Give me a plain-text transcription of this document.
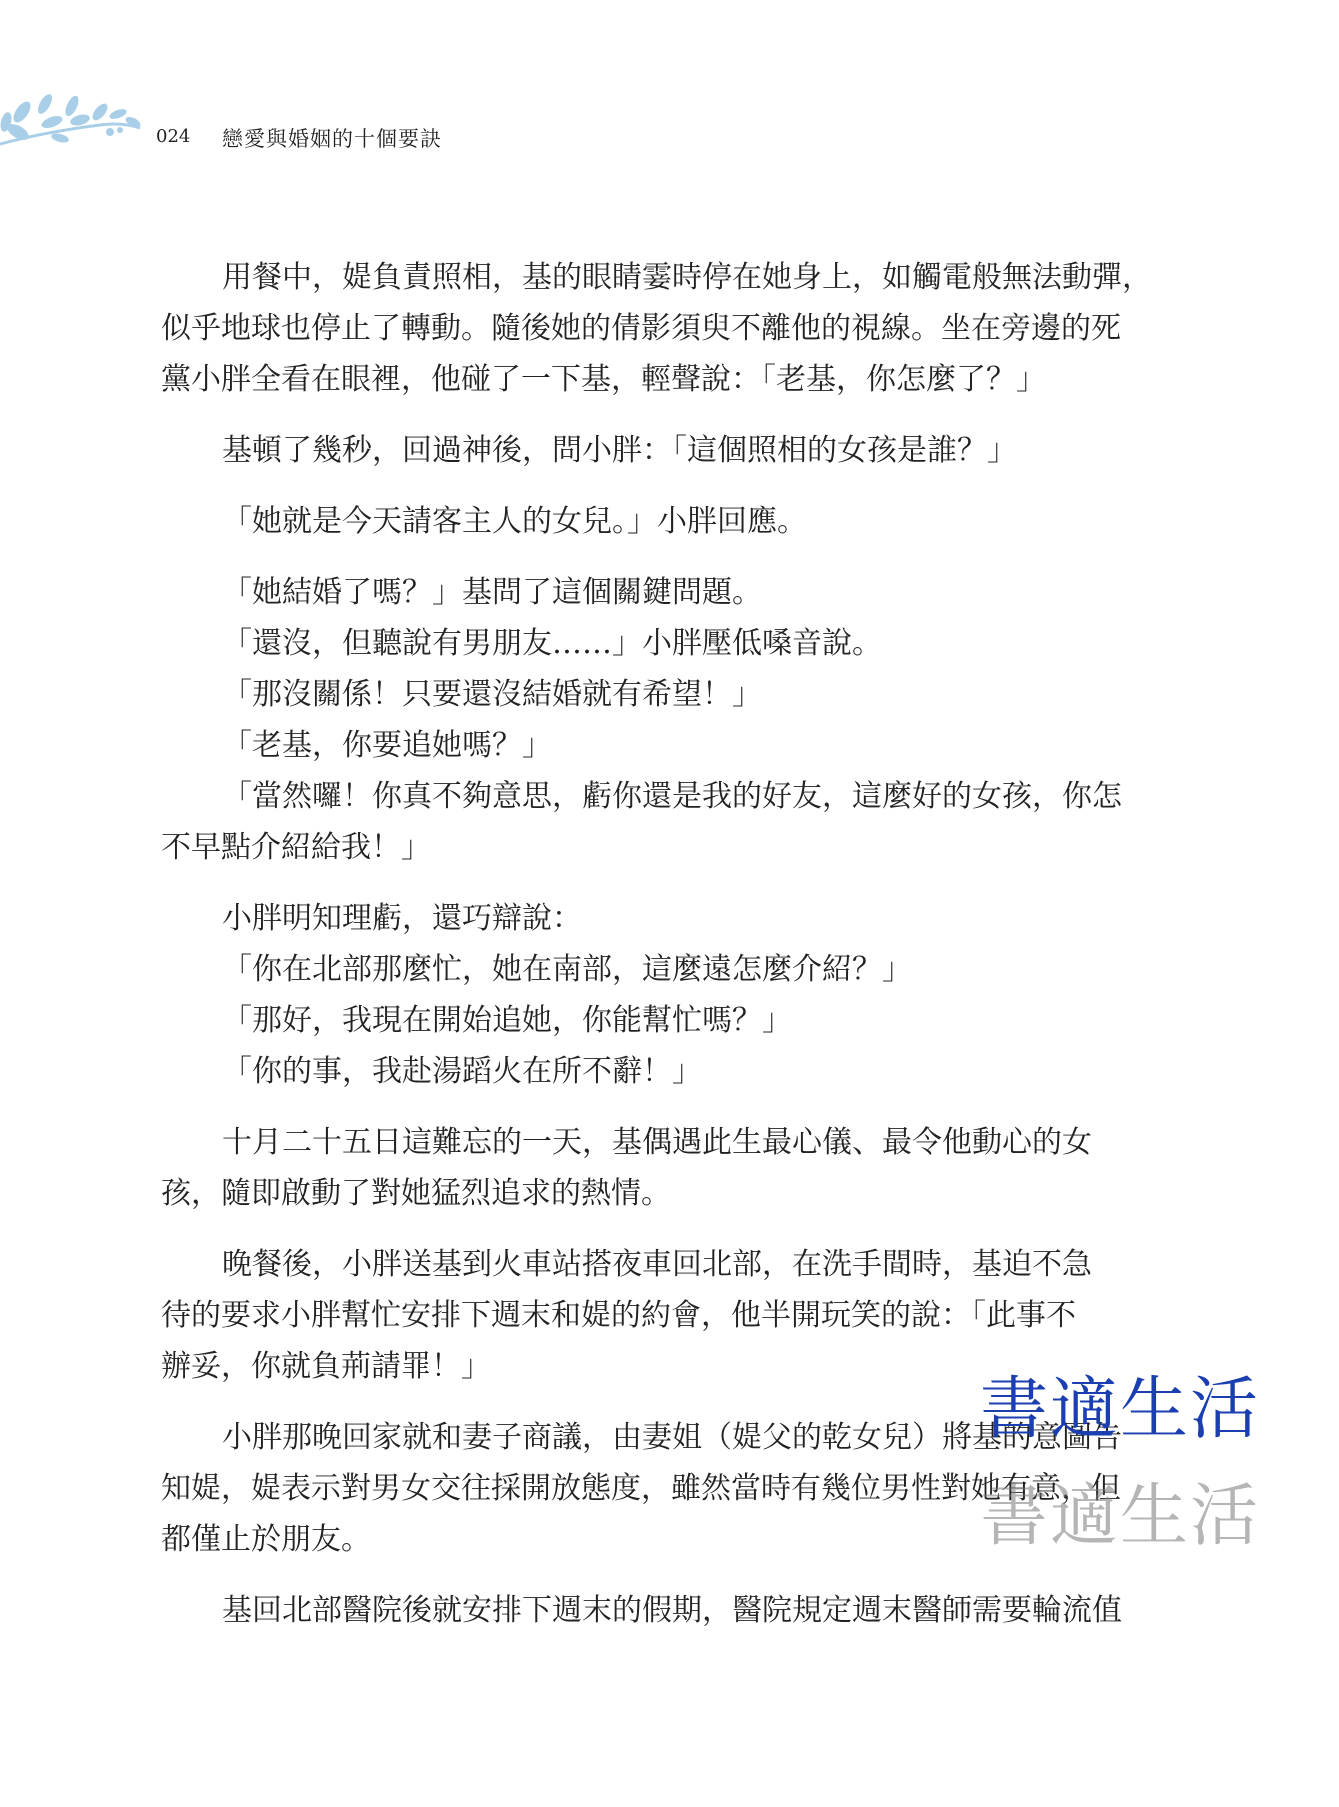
024 戀愛與婚姻的十個要訣
用餐中，媞負責照相，基的眼睛霎時停在她身上，如觸電般無法動彈，
似乎地球也停止了轉動。隨後她的倩影須臾不離他的視線。坐在旁邊的死
黨小胖全看在眼裡，他碰了一下基，輕聲說：「老基，你怎麼了？」
基頓了幾秒，回過神後，問小胖：「這個照相的女孩是誰？」
「她就是今天請客主人的女兒。」小胖回應。
「她結婚了嗎？」基問了這個關鍵問題。
「還沒，但聽說有男朋友……」小胖壓低嗓音說。
「那沒關係！只要還沒結婚就有希望！」
「老基，你要追她嗎？」
「當然囉！你真不夠意思，虧你還是我的好友，這麼好的女孩，你怎
不早點介紹給我！」
小胖明知理虧，還巧辯說：
「你在北部那麼忙，她在南部，這麼遠怎麼介紹？」
「那好，我現在開始追她，你能幫忙嗎？」
「你的事，我赴湯蹈火在所不辭！」
十月二十五日這難忘的一天，基偶遇此生最心儀、最令他動心的女
孩，隨即啟動了對她猛烈追求的熱情。
晚餐後，小胖送基到火車站搭夜車回北部，在洗手間時，基迫不急
待的要求小胖幫忙安排下週末和媞的約會，他半開玩笑的說：「此事不
辦妥，你就負荊請罪！」
小胖那晚回家就和妻子商議，由妻姐（媞父的乾女兒）將基的意圖告
知媞，媞表示對男女交往採開放態度，雖然當時有幾位男性對她有意，但
都僅止於朋友。
基回北部醫院後就安排下週末的假期，醫院規定週末醫師需要輪流值
書適生活
書適生活
